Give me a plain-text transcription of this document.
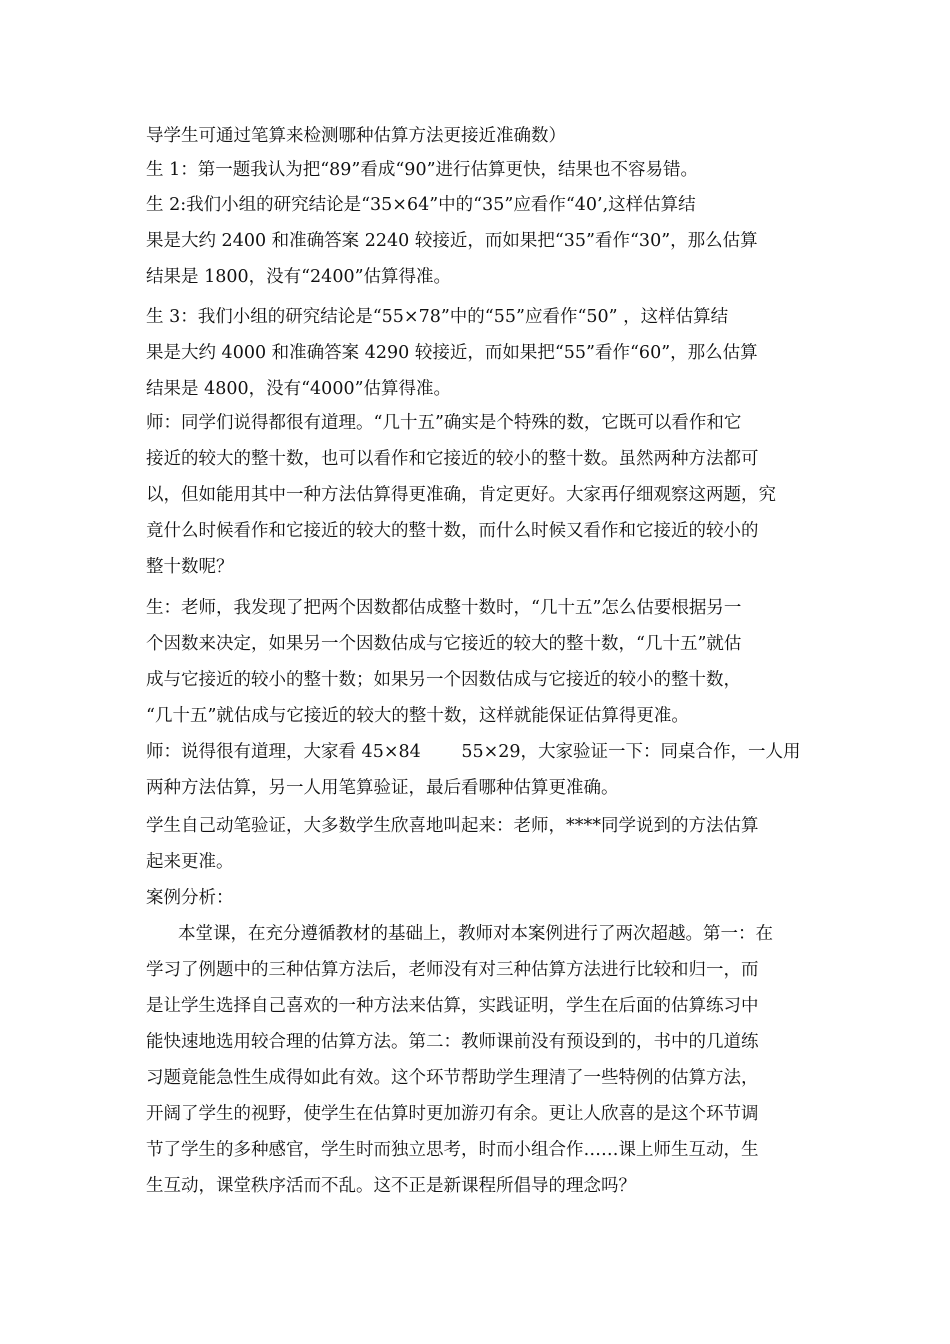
导学生可通过笔算来检测哪种估算方法更接近准确数）
生 1：第一题我认为把“89”看成“90”进行估算更快，结果也不容易错。
生 2:我们小组的研究结论是“35×64”中的“35”应看作“40’,这样估算结
果是大约 2400 和准确答案 2240 较接近，而如果把“35”看作“30”，那么估算
结果是 1800，没有“2400”估算得准。
生 3：我们小组的研究结论是“55×78”中的“55”应看作“50” ，这样估算结
果是大约 4000 和准确答案 4290 较接近，而如果把“55”看作“60”，那么估算
结果是 4800，没有“4000”估算得准。
师：同学们说得都很有道理。“几十五”确实是个特殊的数，它既可以看作和它
接近的较大的整十数，也可以看作和它接近的较小的整十数。虽然两种方法都可
以，但如能用其中一种方法估算得更准确，肯定更好。大家再仔细观察这两题，究
竟什么时候看作和它接近的较大的整十数，而什么时候又看作和它接近的较小的
整十数呢？
生：老师，我发现了把两个因数都估成整十数时，“几十五”怎么估要根据另一
个因数来决定，如果另一个因数估成与它接近的较大的整十数，“几十五”就估
成与它接近的较小的整十数；如果另一个因数估成与它接近的较小的整十数，
“几十五”就估成与它接近的较大的整十数，这样就能保证估算得更准。
师：说得很有道理，大家看 45×84　　 55×29，大家验证一下：同桌合作，一人用
两种方法估算，另一人用笔算验证，最后看哪种估算更准确。
学生自己动笔验证，大多数学生欣喜地叫起来：老师，****同学说到的方法估算
起来更准。
案例分析：
本堂课，在充分遵循教材的基础上，教师对本案例进行了两次超越。第一：在
学习了例题中的三种估算方法后，老师没有对三种估算方法进行比较和归一，而
是让学生选择自己喜欢的一种方法来估算，实践证明，学生在后面的估算练习中
能快速地选用较合理的估算方法。第二：教师课前没有预设到的，书中的几道练
习题竟能急性生成得如此有效。这个环节帮助学生理清了一些特例的估算方法，
开阔了学生的视野，使学生在估算时更加游刃有余。更让人欣喜的是这个环节调
节了学生的多种感官，学生时而独立思考，时而小组合作……课上师生互动，生
生互动，课堂秩序活而不乱。这不正是新课程所倡导的理念吗？
